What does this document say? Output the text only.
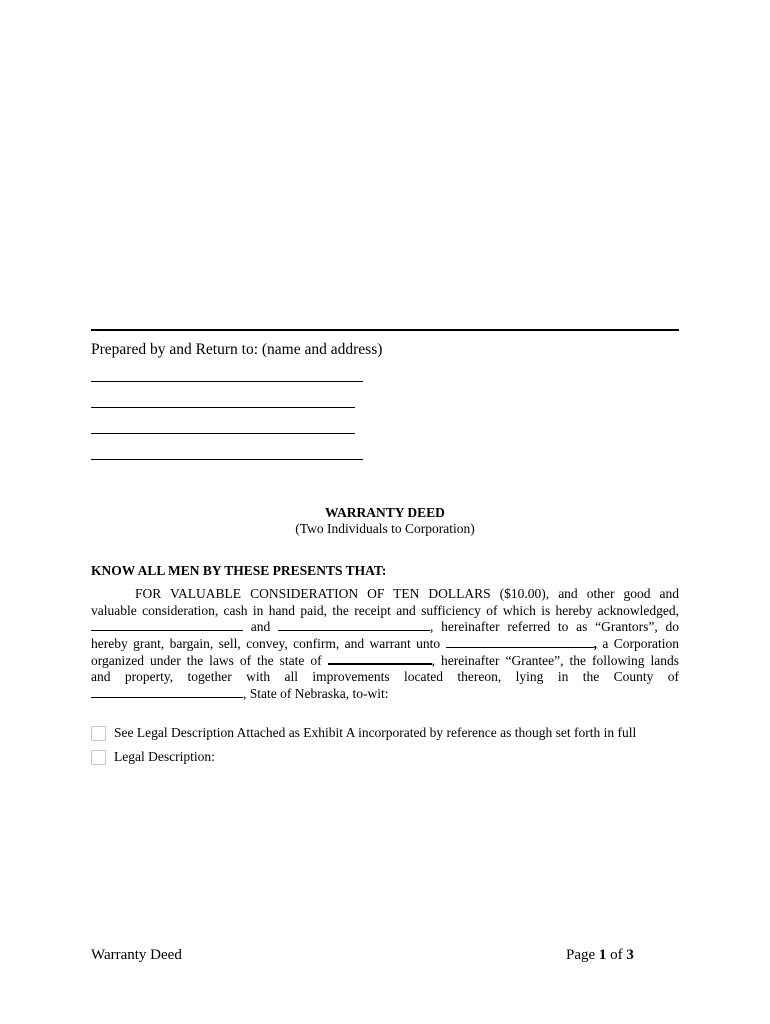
Prepared by and Return to: (name and address)
WARRANTY DEED
(Two Individuals to Corporation)
KNOW ALL MEN BY THESE PRESENTS THAT:
FOR VALUABLE CONSIDERATION OF TEN DOLLARS ($10.00), and other good and
valuable consideration, cash in hand paid, the receipt and sufficiency of which is hereby acknowledged,
and	, hereinafter referred to as “Grantors”, do
hereby grant, bargain, sell, convey, confirm, and warrant unto	, a Corporation
organized under the laws of the state of	, hereinafter “Grantee”, the following lands
and property, together with all improvements located thereon, lying in the County of
, State of Nebraska, to-wit:
See Legal Description Attached as Exhibit A incorporated by reference as though set forth in full
Legal Description:
Warranty Deed	Page 1 of 3
